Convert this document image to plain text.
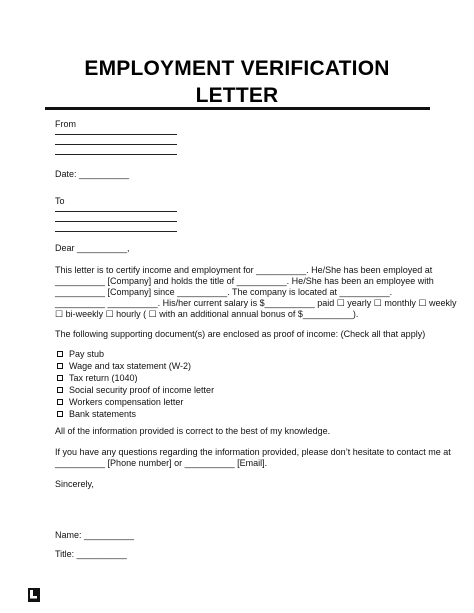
EMPLOYMENT VERIFICATION
LETTER
From
Date: __________
To
Dear __________,
This letter is to certify income and employment for __________. He/She has been employed at
__________ [Company] and holds the title of __________. He/She has been an employee with
__________ [Company] since __________. The company is located at __________.
__________ __________. His/her current salary is $__________ paid ☐ yearly ☐ monthly ☐ weekly
☐ bi-weekly ☐ hourly ( ☐ with an additional annual bonus of $__________).
The following supporting document(s) are enclosed as proof of income: (Check all that apply)
Pay stub
Wage and tax statement (W-2)
Tax return (1040)
Social security proof of income letter
Workers compensation letter
Bank statements
All of the information provided is correct to the best of my knowledge.
If you have any questions regarding the information provided, please don’t hesitate to contact me at
__________ [Phone number] or __________ [Email].
Sincerely,
Name: __________
Title: __________
